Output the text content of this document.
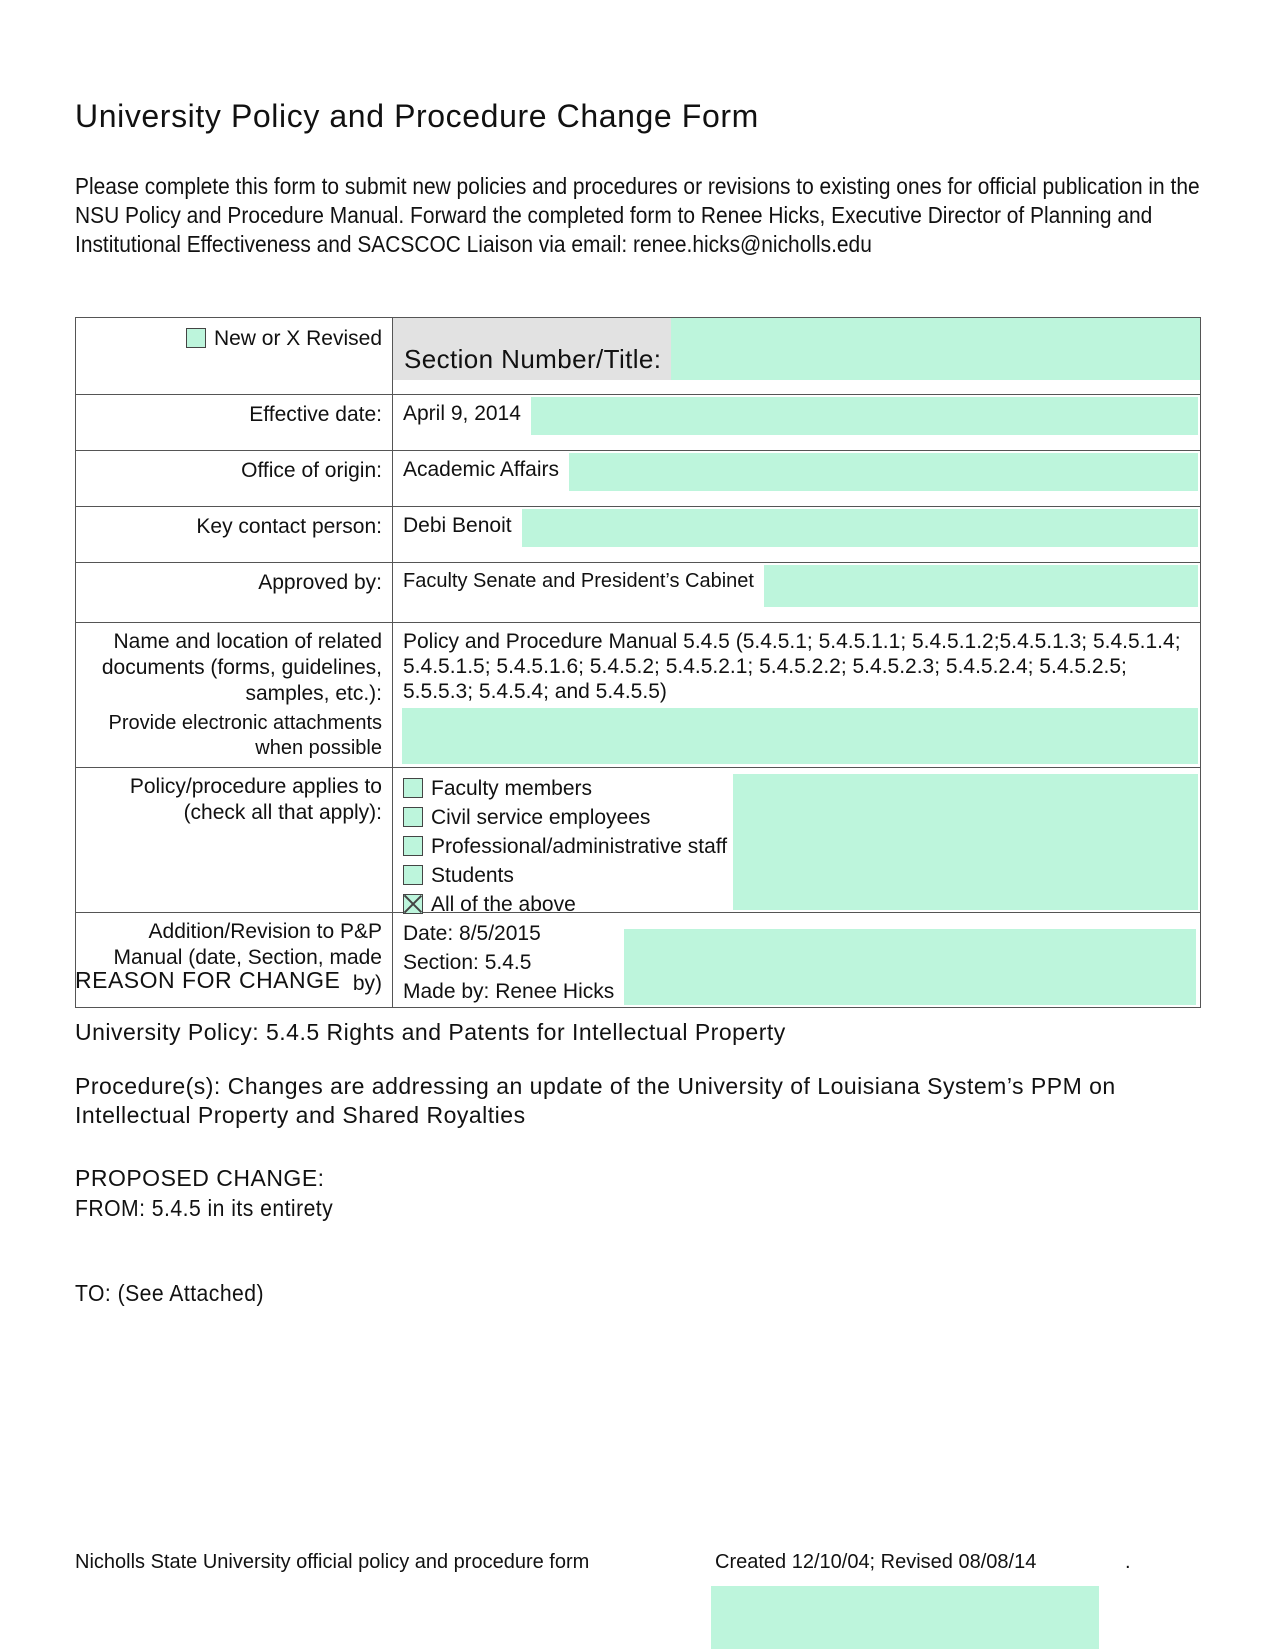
University Policy and Procedure Change Form
Please complete this form to submit new policies and procedures or revisions to existing ones for official publication in the NSU Policy and Procedure Manual. Forward the completed form to Renee Hicks, Executive Director of Planning and Institutional Effectiveness and SACSCOC Liaison via email: renee.hicks@nicholls.edu
New or X Revised	Section Number/Title:

Effective date:	April 9, 2014

Office of origin:	Academic Affairs

Key contact person:	Debi Benoit

Approved by:	Faculty Senate and President’s Cabinet

Name and location of related documents (forms, guidelines, samples, etc.):
Provide electronic attachments when possible	Policy and Procedure Manual 5.4.5 (5.4.5.1; 5.4.5.1.1; 5.4.5.1.2;5.4.5.1.3; 5.4.5.1.4; 5.4.5.1.5; 5.4.5.1.6; 5.4.5.2; 5.4.5.2.1; 5.4.5.2.2; 5.4.5.2.3; 5.4.5.2.4; 5.4.5.2.5; 5.5.5.3; 5.4.5.4; and 5.4.5.5)

Policy/procedure applies to (check all that apply):	Faculty members
Civil service employees
Professional/administrative staff
Students
All of the above

Addition/Revision to P&P Manual (date, Section, made by)	Date: 8/5/2015
Section: 5.4.5
Made by: Renee Hicks
REASON FOR CHANGE
University Policy: 5.4.5 Rights and Patents for Intellectual Property
Procedure(s): Changes are addressing an update of the University of Louisiana System’s PPM on Intellectual Property and Shared Royalties
PROPOSED CHANGE:
FROM: 5.4.5 in its entirety
TO: (See Attached)
Nicholls State University official policy and procedure form	Created 12/10/04; Revised 08/08/14	.
